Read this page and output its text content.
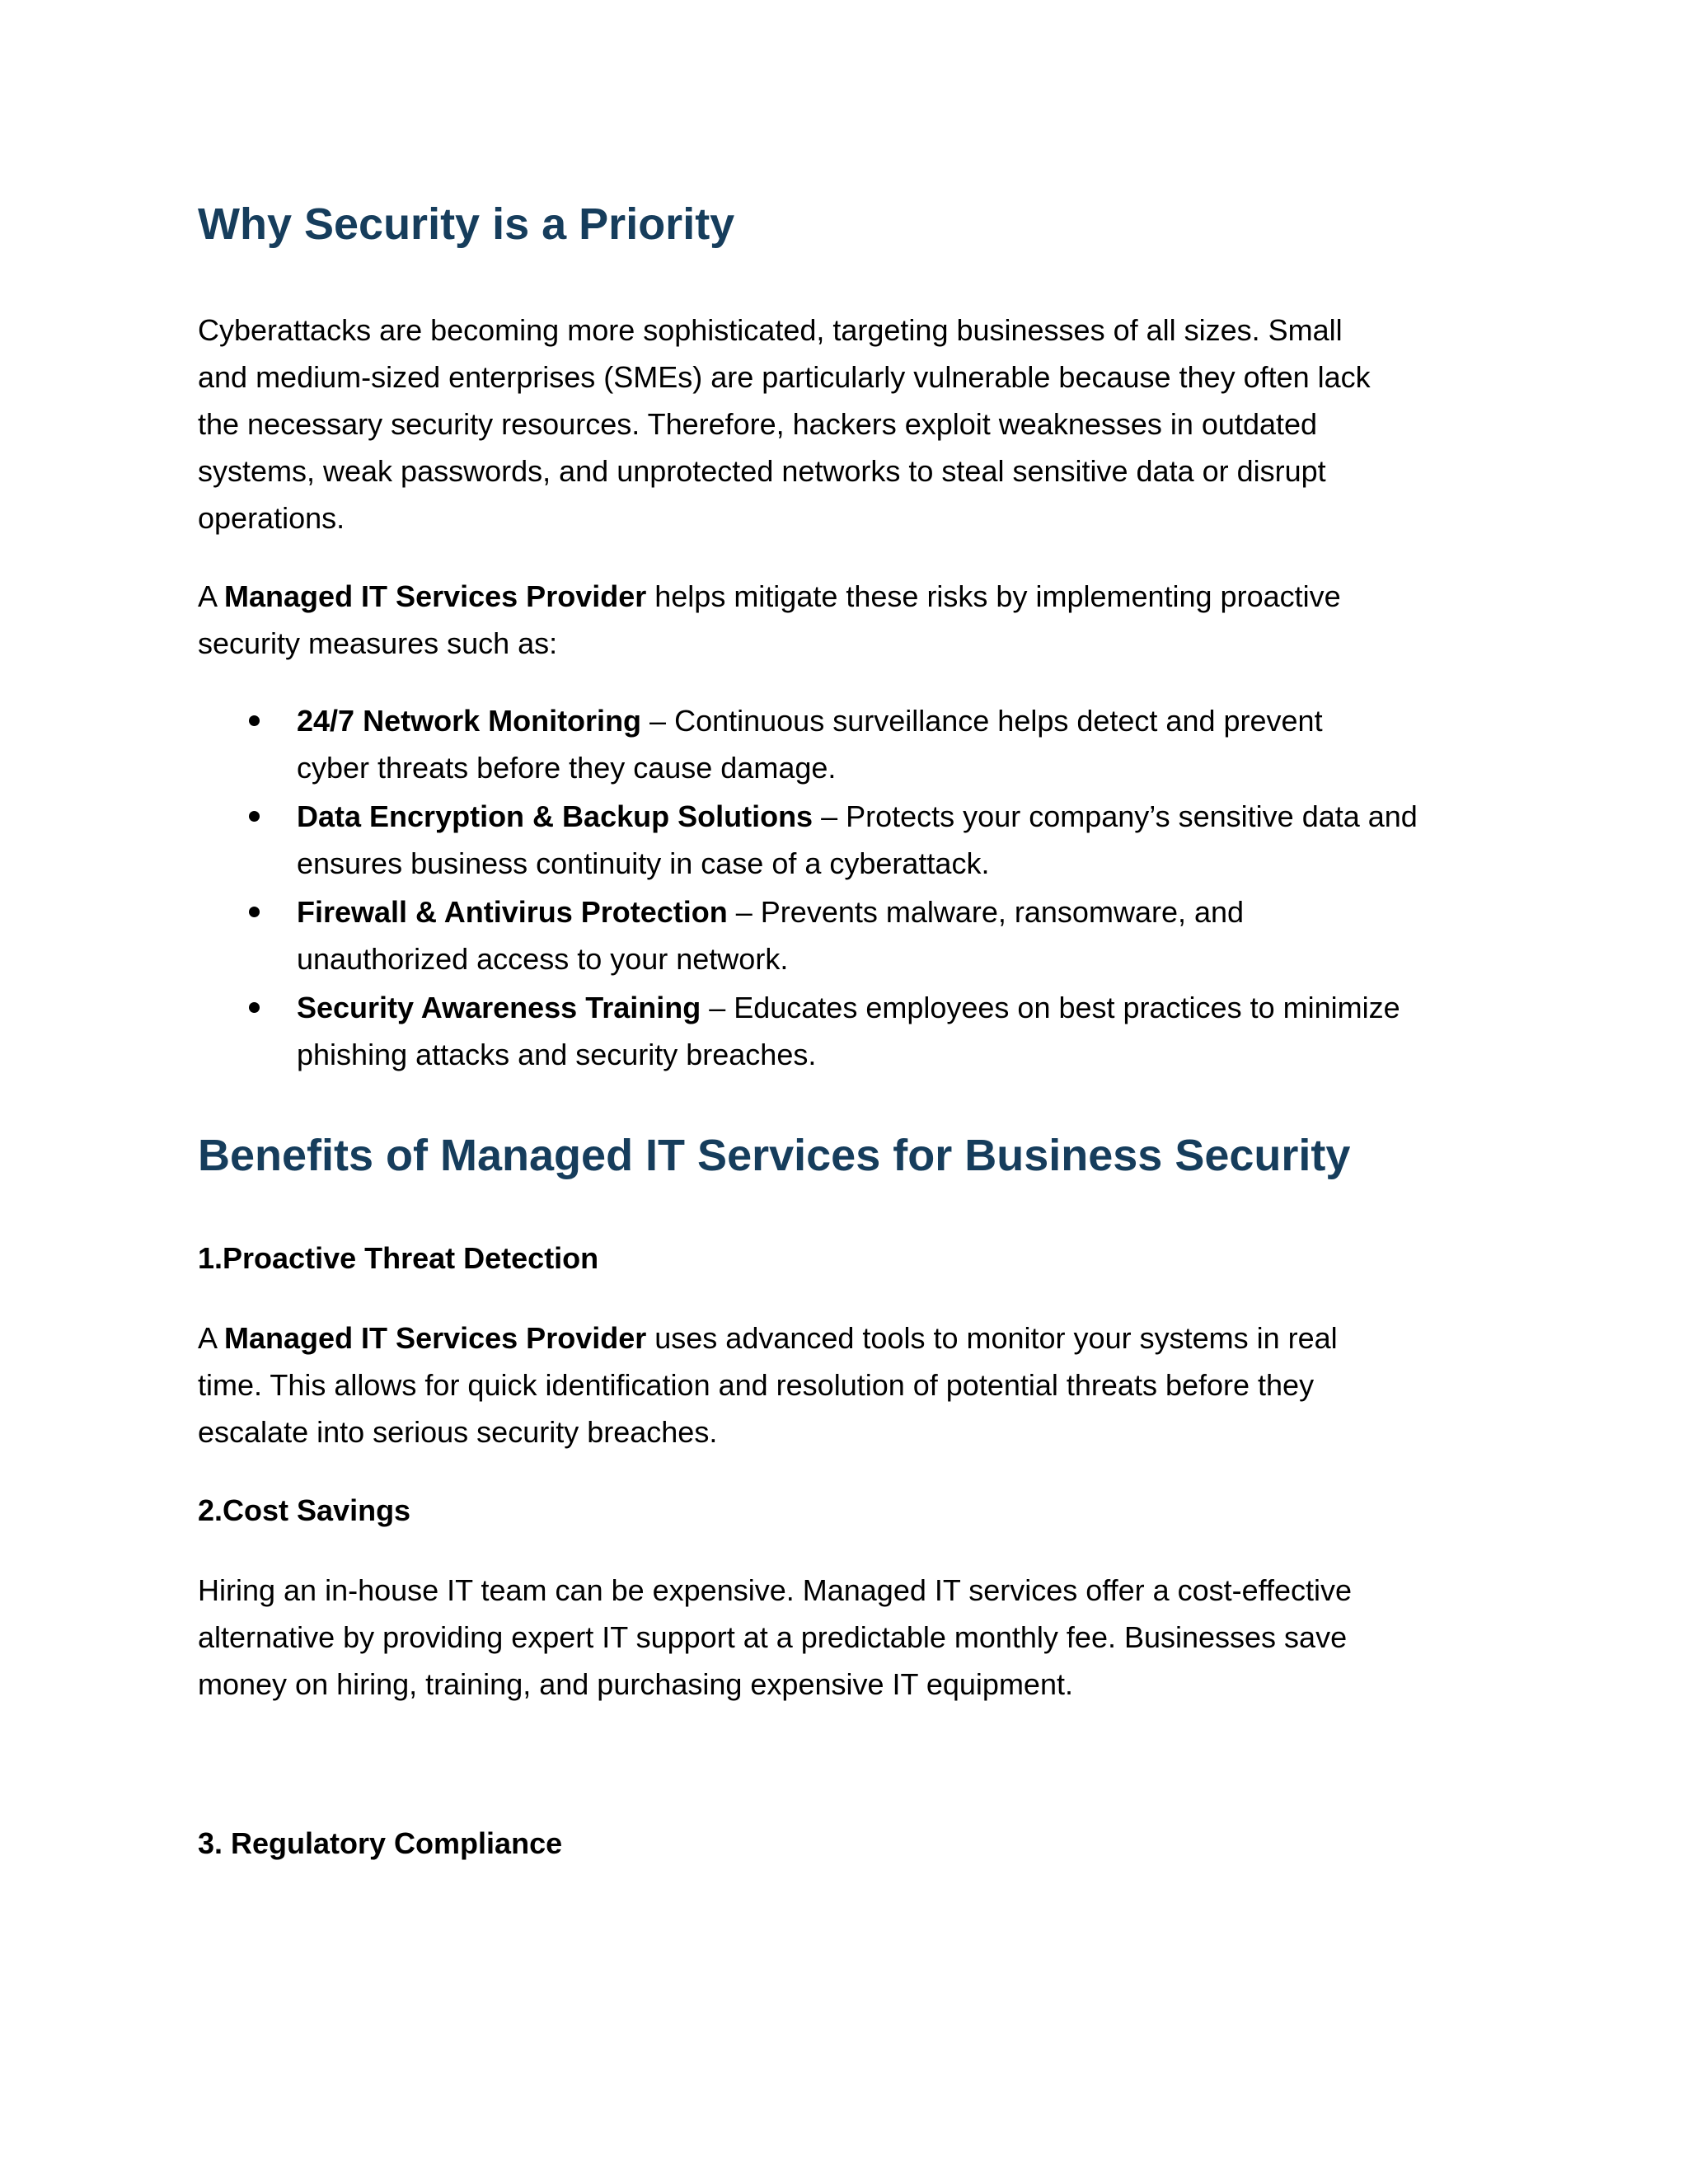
Why Security is a Priority

Cyberattacks are becoming more sophisticated, targeting businesses of all sizes. Small
and medium-sized enterprises (SMEs) are particularly vulnerable because they often lack
the necessary security resources. Therefore, hackers exploit weaknesses in outdated
systems, weak passwords, and unprotected networks to steal sensitive data or disrupt
operations.

A Managed IT Services Provider helps mitigate these risks by implementing proactive
security measures such as:

24/7 Network Monitoring – Continuous surveillance helps detect and prevent
cyber threats before they cause damage.
Data Encryption & Backup Solutions – Protects your company’s sensitive data and
ensures business continuity in case of a cyberattack.
Firewall & Antivirus Protection – Prevents malware, ransomware, and
unauthorized access to your network.
Security Awareness Training – Educates employees on best practices to minimize
phishing attacks and security breaches.
Benefits of Managed IT Services for Business Security
1.Proactive Threat Detection

A Managed IT Services Provider uses advanced tools to monitor your systems in real
time. This allows for quick identification and resolution of potential threats before they
escalate into serious security breaches.

2.Cost Savings

Hiring an in-house IT team can be expensive. Managed IT services offer a cost-effective
alternative by providing expert IT support at a predictable monthly fee. Businesses save
money on hiring, training, and purchasing expensive IT equipment.

3. Regulatory Compliance
